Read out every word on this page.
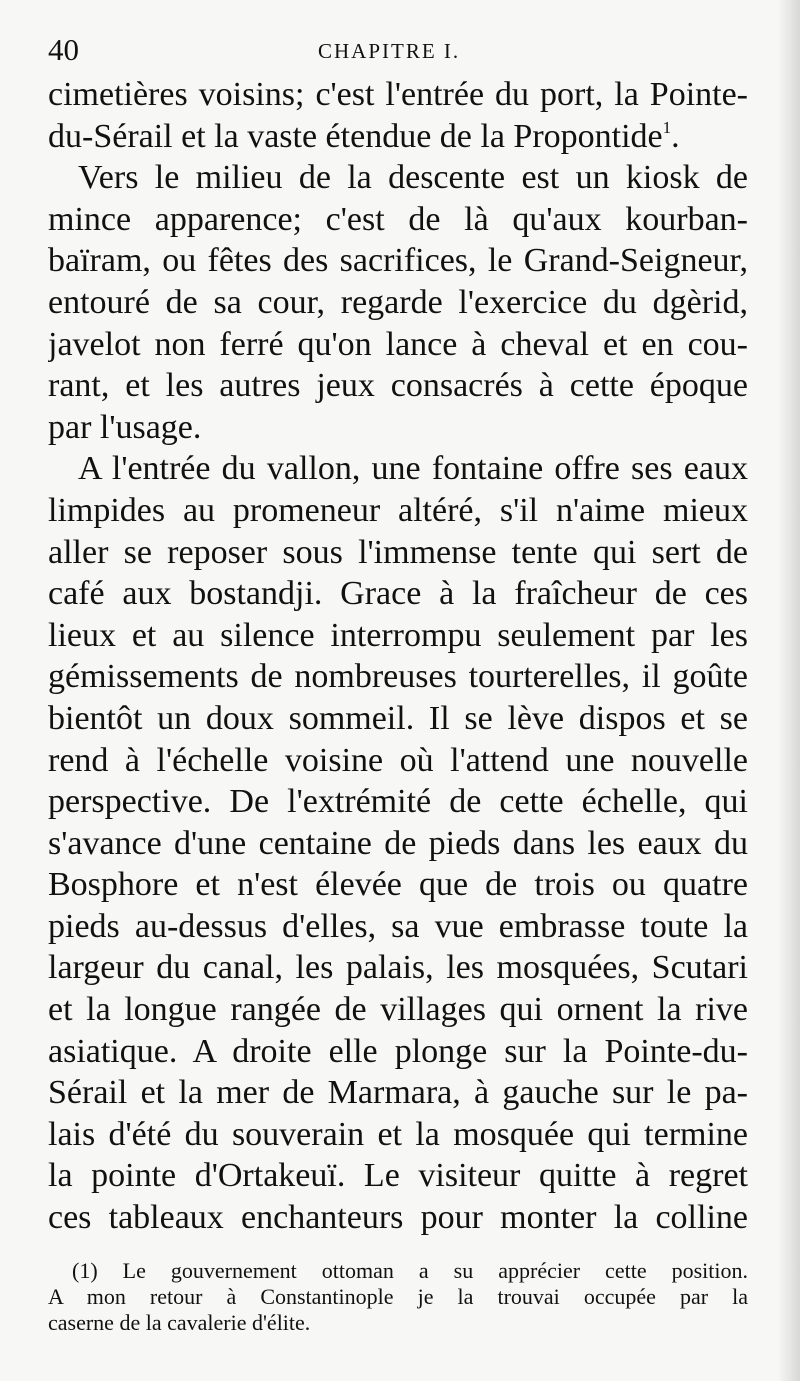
40	CHAPITRE I.
cimetières voisins; c'est l'entrée du port, la Pointe-
du-Sérail et la vaste étendue de la Propontide$^1$.
Vers le milieu de la descente est un kiosk de
mince apparence; c'est de là qu'aux kourban-
baïram, ou fêtes des sacrifices, le Grand-Seigneur,
entouré de sa cour, regarde l'exercice du dgèrid,
javelot non ferré qu'on lance à cheval et en cou-
rant, et les autres jeux consacrés à cette époque
par l'usage.
A l'entrée du vallon, une fontaine offre ses eaux
limpides au promeneur altéré, s'il n'aime mieux
aller se reposer sous l'immense tente qui sert de
café aux bostandji. Grace à la fraîcheur de ces
lieux et au silence interrompu seulement par les
gémissements de nombreuses tourterelles, il goûte
bientôt un doux sommeil. Il se lève dispos et se
rend à l'échelle voisine où l'attend une nouvelle
perspective. De l'extrémité de cette échelle, qui
s'avance d'une centaine de pieds dans les eaux du
Bosphore et n'est élevée que de trois ou quatre
pieds au-dessus d'elles, sa vue embrasse toute la
largeur du canal, les palais, les mosquées, Scutari
et la longue rangée de villages qui ornent la rive
asiatique. A droite elle plonge sur la Pointe-du-
Sérail et la mer de Marmara, à gauche sur le pa-
lais d'été du souverain et la mosquée qui termine
la pointe d'Ortakeuï. Le visiteur quitte à regret
ces tableaux enchanteurs pour monter la colline
(1) Le gouvernement ottoman a su apprécier cette position.
A mon retour à Constantinople je la trouvai occupée par la
caserne de la cavalerie d'élite.
